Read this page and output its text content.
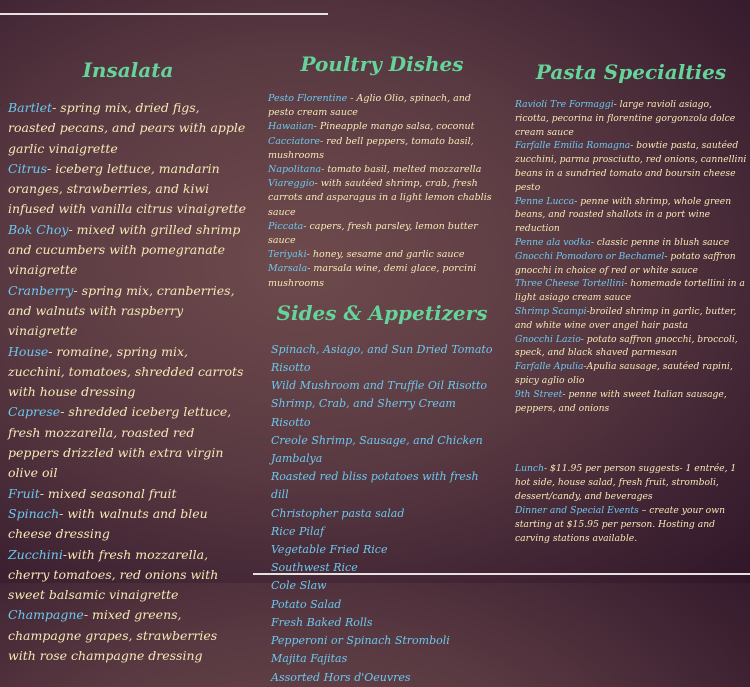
Insalata

Bartlet- spring mix, dried figs, roasted pecans, and pears with apple garlic vinaigrette

Citrus- iceberg lettuce, mandarin oranges, strawberries, and kiwi infused with vanilla citrus vinaigrette

Bok Choy- mixed with grilled shrimp and cucumbers with pomegranate vinaigrette

Cranberry- spring mix, cranberries, and walnuts with raspberry vinaigrette

House- romaine, spring mix, zucchini, tomatoes, shredded carrots with house dressing

Caprese- shredded iceberg lettuce, fresh mozzarella, roasted red peppers drizzled with extra virgin olive oil

Fruit- mixed seasonal fruit

Spinach- with walnuts and bleu cheese dressing

Zucchini-with fresh mozzarella, cherry tomatoes, red onions with sweet balsamic vinaigrette

Champagne- mixed greens, champagne grapes, strawberries with rose champagne dressing

Poultry Dishes

Pesto Florentine - Aglio Olio, spinach, and pesto cream sauce

Hawaiian- Pineapple mango salsa, coconut

Cacciatore- red bell peppers, tomato basil, mushrooms

Napolitana- tomato basil, melted mozzarella

Viareggio- with sautéed shrimp, crab, fresh carrots and asparagus in a light lemon chablis sauce

Piccata- capers, fresh parsley, lemon butter sauce

Teriyaki- honey, sesame and garlic sauce

Marsala- marsala wine, demi glace, porcini mushrooms

Sides & Appetizers

Spinach, Asiago, and Sun Dried Tomato Risotto

Wild Mushroom and Truffle Oil Risotto

Shrimp, Crab, and Sherry Cream Risotto

Creole Shrimp, Sausage, and Chicken Jambalya

Roasted red bliss potatoes with fresh dill

Christopher pasta salad

Rice Pilaf

Vegetable Fried Rice

Southwest Rice

Cole Slaw

Potato Salad

Fresh Baked Rolls

Pepperoni or Spinach Stromboli

Majita Fajitas

Assorted Hors d'Oeuvres

Pasta Specialties

Ravioli Tre Formaggi- large ravioli asiago, ricotta, pecorina in florentine gorgonzola dolce cream sauce

Farfalle Emilia Romagna- bowtie pasta, sautéed zucchini, parma prosciutto, red onions, cannellini beans in a sundried tomato and boursin cheese pesto

Penne Lucca- penne with shrimp, whole green beans, and roasted shallots in a port wine reduction

Penne ala vodka- classic penne in blush sauce

Gnocchi Pomodoro or Bechamel- potato saffron gnocchi in choice of red or white sauce

Three Cheese Tortellini- homemade tortellini in a light asiago cream sauce

Shrimp Scampi-broiled shrimp in garlic, butter, and white wine over angel hair pasta

Gnocchi Lazio- potato saffron gnocchi, broccoli, speck, and black shaved parmesan

Farfalle Apulia-Apulia sausage, sautéed rapini, spicy aglio olio

9th Street- penne with sweet Italian sausage, peppers, and onions

Lunch- $11.95 per person suggests- 1 entrée, 1 hot side, house salad, fresh fruit, stromboli, dessert/candy, and beverages

Dinner and Special Events – create your own starting at $15.95 per person. Hosting and carving stations available.
